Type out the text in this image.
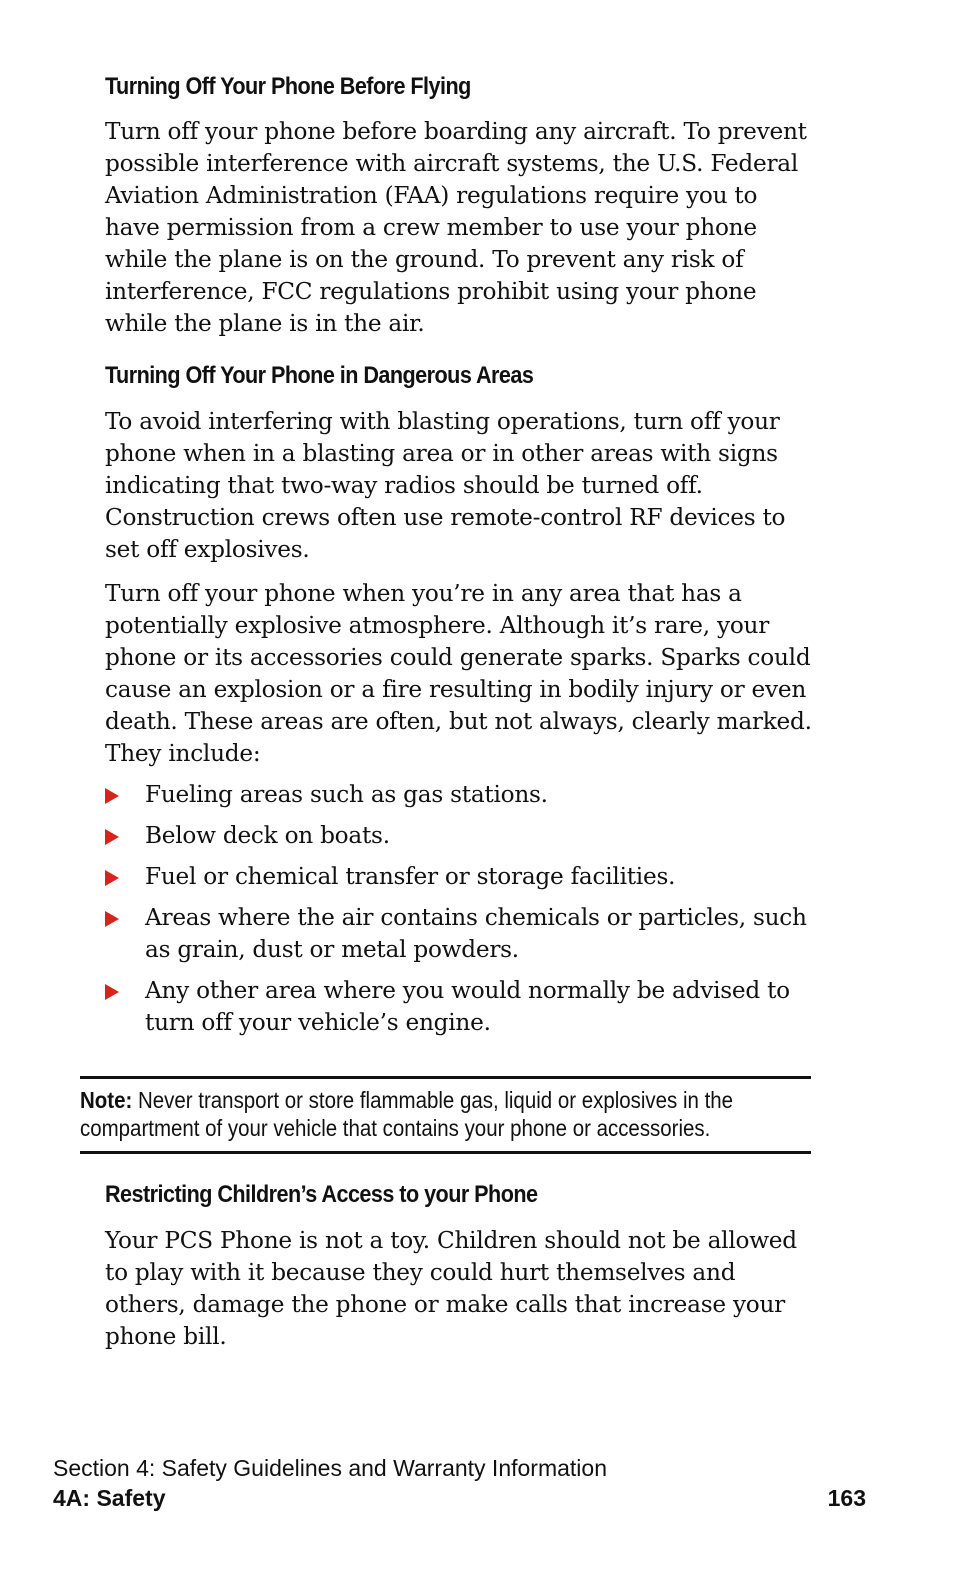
Turning Off Your Phone Before Flying

Turn off your phone before boarding any aircraft. To prevent possible interference with aircraft systems, the U.S. Federal Aviation Administration (FAA) regulations require you to have permission from a crew member to use your phone while the plane is on the ground. To prevent any risk of interference, FCC regulations prohibit using your phone while the plane is in the air.

Turning Off Your Phone in Dangerous Areas

To avoid interfering with blasting operations, turn off your phone when in a blasting area or in other areas with signs indicating that two-way radios should be turned off. Construction crews often use remote-control RF devices to set off explosives.

Turn off your phone when you’re in any area that has a potentially explosive atmosphere. Although it’s rare, your phone or its accessories could generate sparks. Sparks could cause an explosion or a fire resulting in bodily injury or even death. These areas are often, but not always, clearly marked. They include:

Fueling areas such as gas stations.
Below deck on boats.
Fuel or chemical transfer or storage facilities.
Areas where the air contains chemicals or particles, such as grain, dust or metal powders.
Any other area where you would normally be advised to turn off your vehicle’s engine.
Note: Never transport or store flammable gas, liquid or explosives in the compartment of your vehicle that contains your phone or accessories.
Restricting Children’s Access to your Phone

Your PCS Phone is not a toy. Children should not be allowed to play with it because they could hurt themselves and others, damage the phone or make calls that increase your phone bill.

Section 4: Safety Guidelines and Warranty Information
4A: Safety	163
